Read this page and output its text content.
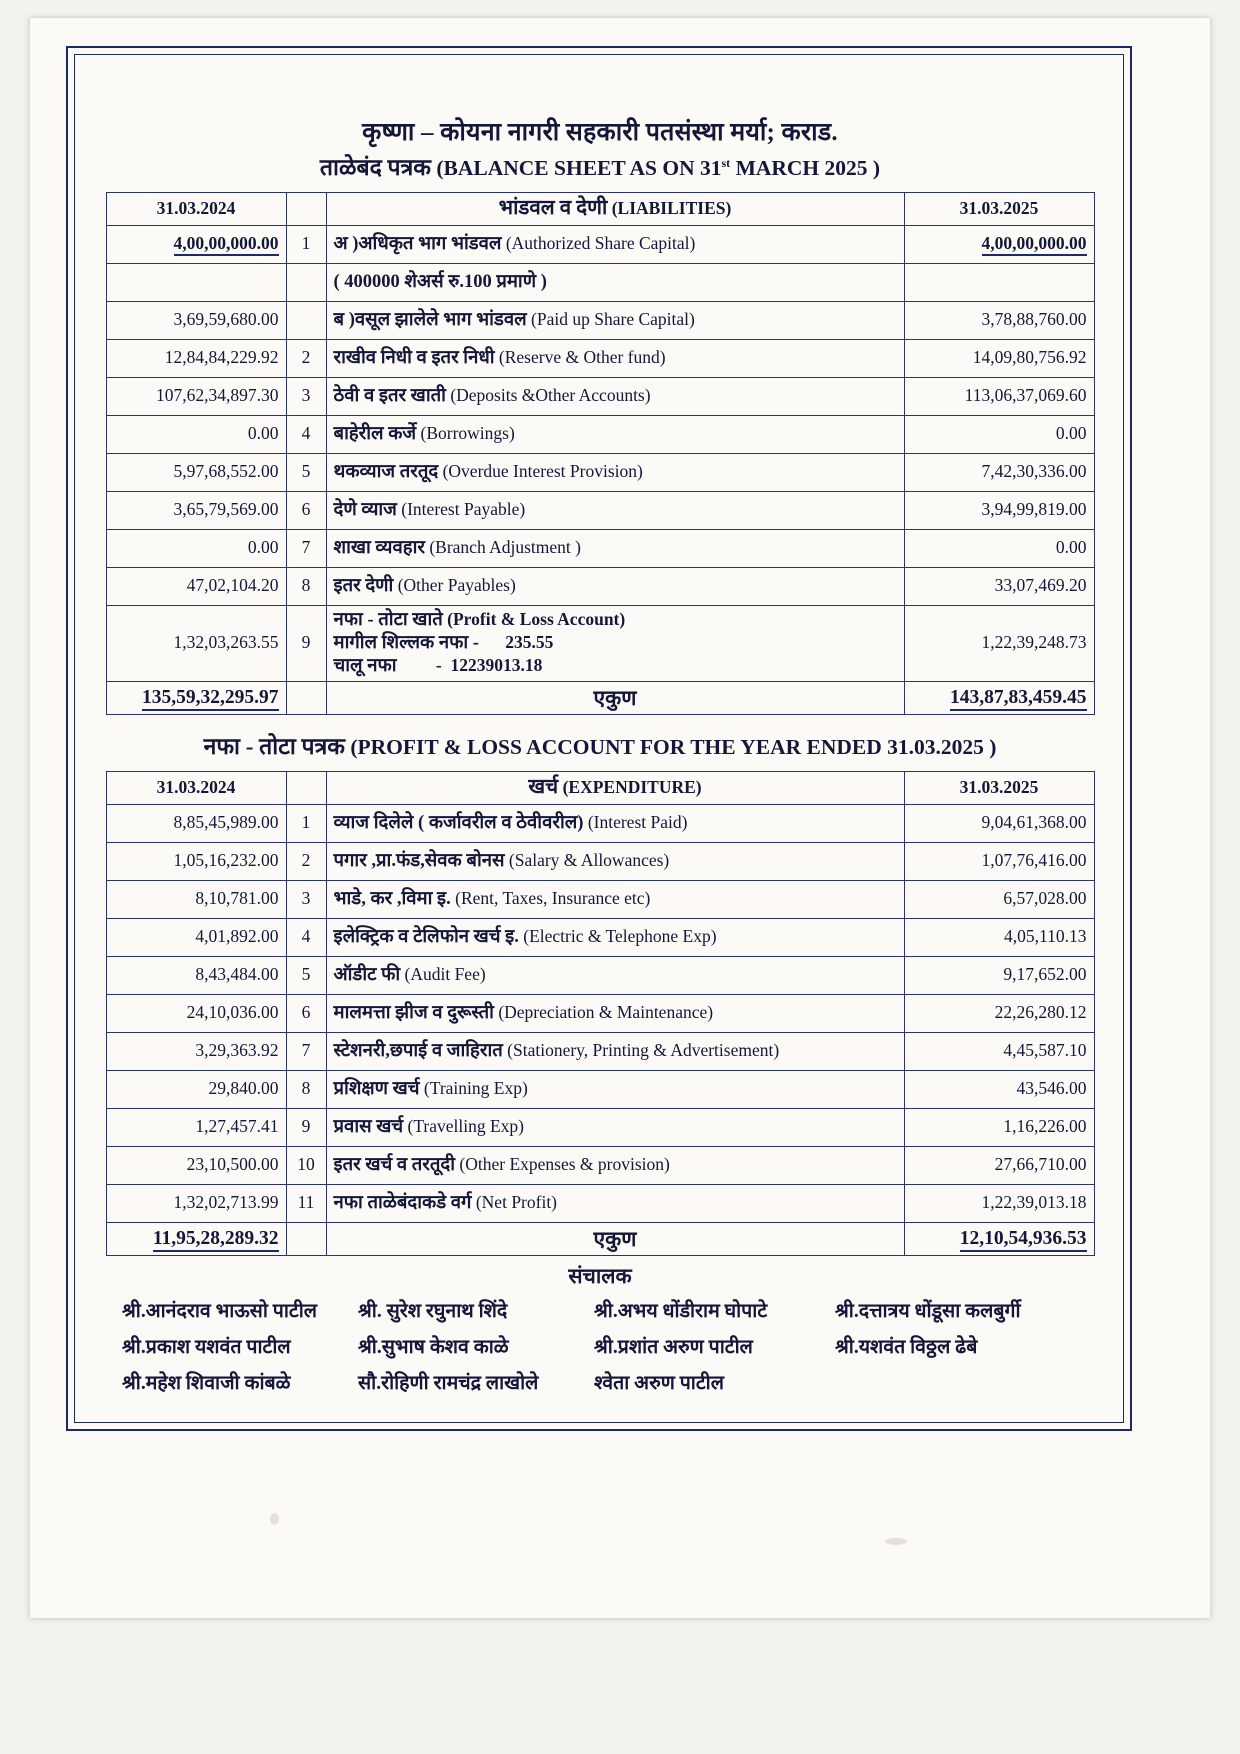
कृष्णा – कोयना नागरी सहकारी पतसंस्था मर्या; कराड.
ताळेबंद पत्रक (BALANCE SHEET AS ON 31st MARCH 2025 )
31.03.2024		भांडवल व देणी (LIABILITIES)	31.03.2025
4,00,00,000.00	1	अ )अधिकृत भाग भांडवल (Authorized Share Capital)	4,00,00,000.00
		( 400000 शेअर्स रु.100 प्रमाणे )	
3,69,59,680.00		ब )वसूल झालेले भाग भांडवल (Paid up Share Capital)	3,78,88,760.00
12,84,84,229.92	2	राखीव निधी व इतर निधी (Reserve & Other fund)	14,09,80,756.92
107,62,34,897.30	3	ठेवी व इतर खाती (Deposits &Other Accounts)	113,06,37,069.60
0.00	4	बाहेरील कर्जे (Borrowings)	0.00
5,97,68,552.00	5	थकव्याज तरतूद (Overdue Interest Provision)	7,42,30,336.00
3,65,79,569.00	6	देणे व्याज (Interest Payable)	3,94,99,819.00
0.00	7	शाखा व्यवहार (Branch Adjustment )	0.00
47,02,104.20	8	इतर देणी (Other Payables)	33,07,469.20
1,32,03,263.55	9	नफा - तोटा खाते (Profit & Loss Account)
मागील शिल्लक नफा - 235.55
चालू नफा -  12239013.18	1,22,39,248.73
135,59,32,295.97		एकुण	143,87,83,459.45
नफा - तोटा पत्रक (PROFIT & LOSS ACCOUNT FOR THE YEAR ENDED 31.03.2025 )
31.03.2024		खर्च (EXPENDITURE)	31.03.2025
8,85,45,989.00	1	व्याज दिलेले ( कर्जावरील व ठेवीवरील) (Interest Paid)	9,04,61,368.00
1,05,16,232.00	2	पगार ,प्रा.फंड,सेवक बोनस (Salary & Allowances)	1,07,76,416.00
8,10,781.00	3	भाडे, कर ,विमा इ. (Rent, Taxes, Insurance etc)	6,57,028.00
4,01,892.00	4	इलेक्ट्रिक व टेलिफोन खर्च इ. (Electric & Telephone Exp)	4,05,110.13
8,43,484.00	5	ऑडीट फी (Audit Fee)	9,17,652.00
24,10,036.00	6	मालमत्ता झीज व दुरूस्ती (Depreciation & Maintenance)	22,26,280.12
3,29,363.92	7	स्टेशनरी,छपाई व जाहिरात (Stationery, Printing & Advertisement)	4,45,587.10
29,840.00	8	प्रशिक्षण खर्च (Training Exp)	43,546.00
1,27,457.41	9	प्रवास खर्च (Travelling Exp)	1,16,226.00
23,10,500.00	10	इतर खर्च व तरतूदी (Other Expenses & provision)	27,66,710.00
1,32,02,713.99	11	नफा ताळेबंदाकडे वर्ग (Net Profit)	1,22,39,013.18
11,95,28,289.32		एकुण	12,10,54,936.53
संचालक
श्री.आनंदराव भाऊसो पाटील	श्री. सुरेश रघुनाथ शिंदे	श्री.अभय धोंडीराम घोपाटे	श्री.दत्तात्रय धोंडूसा कलबुर्गी
श्री.प्रकाश यशवंत पाटील	श्री.सुभाष केशव काळे	श्री.प्रशांत अरुण पाटील	श्री.यशवंत विठ्ठल ढेबे
श्री.महेश शिवाजी कांबळे	सौ.रोहिणी रामचंद्र लाखोले	श्वेता अरुण पाटील
